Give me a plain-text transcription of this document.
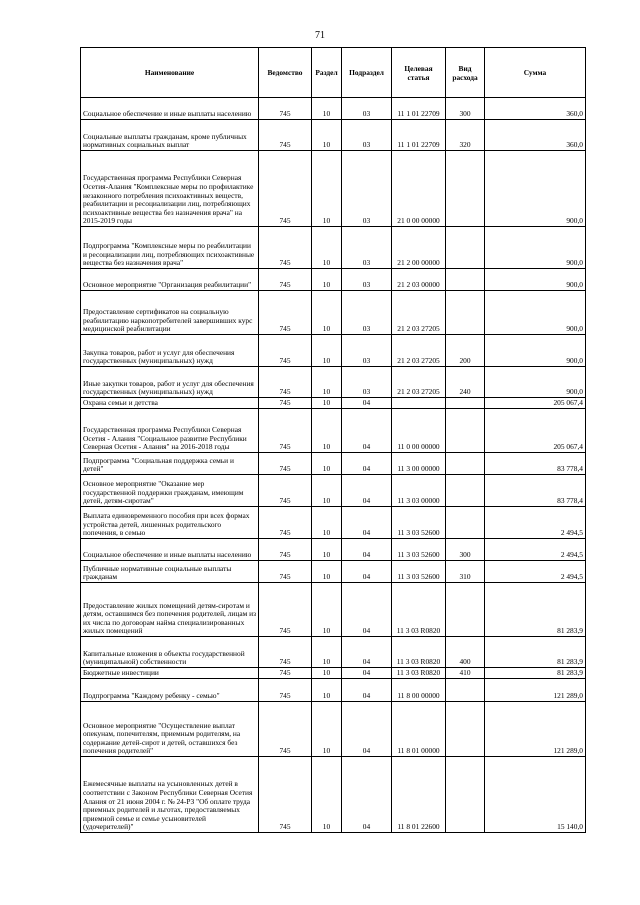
71
Наименование	Ведомство	Раздел	Подраздел	Целевая статья	Вид расхода	Сумма
Социальное обеспечение и иные выплаты населению	745	10	03	11 1 01 22709	300	360,0
Социальные выплаты гражданам, кроме публичных нормативных социальных выплат	745	10	03	11 1 01 22709	320	360,0
Государственная программа Республики Северная Осетия-Алания "Комплексные меры по профилактике незаконного потребления психоактивных веществ, реабилитации и ресоциализации лиц, потребляющих психоактивные вещества без назначения врача" на 2015-2019 годы	745	10	03	21 0 00 00000		900,0
Подпрограмма "Комплексные меры по реабилитации и ресоциализации лиц, потребляющих психоактивные вещества без назначения врача"	745	10	03	21 2 00 00000		900,0
Основное мероприятие "Организация реабилитации"	745	10	03	21 2 03 00000		900,0
Предоставление сертификатов на социальную реабилитацию наркопотребителей завершивших курс медицинской реабилитации	745	10	03	21 2 03 27205		900,0
Закупка товаров, работ и услуг для обеспечения государственных (муниципальных) нужд	745	10	03	21 2 03 27205	200	900,0
Иные закупки товаров, работ и услуг для обеспечения государственных (муниципальных) нужд	745	10	03	21 2 03 27205	240	900,0
Охрана семьи и детства	745	10	04			205 067,4
Государственная программа Республики Северная Осетия - Алания "Социальное развитие Республики Северная Осетия - Алания" на 2016-2018 годы	745	10	04	11 0 00 00000		205 067,4
Подпрограмма "Социальная поддержка семьи и детей"	745	10	04	11 3 00 00000		83 778,4
Основное мероприятие "Оказание мер государственной поддержки гражданам, имеющим детей, детям-сиротам"	745	10	04	11 3 03 00000		83 778,4
Выплата единовременного пособия при всех формах устройства детей, лишенных родительского попечения, в семью	745	10	04	11 3 03 52600		2 494,5
Социальное обеспечение и иные выплаты населению	745	10	04	11 3 03 52600	300	2 494,5
Публичные нормативные социальные выплаты гражданам	745	10	04	11 3 03 52600	310	2 494,5
Предоставление жилых помещений детям-сиротам и детям, оставшимся без попечения родителей, лицам из их числа по договорам найма специализированных жилых помещений	745	10	04	11 3 03 R0820		81 283,9
Капитальные вложения в объекты государственной (муниципальной) собственности	745	10	04	11 3 03 R0820	400	81 283,9
Бюджетные инвестиции	745	10	04	11 3 03 R0820	410	81 283,9
Подпрограмма "Каждому ребенку - семью"	745	10	04	11 8 00 00000		121 289,0
Основное мероприятие "Осуществление выплат опекунам, попечителям, приемным родителям, на содержание детей-сирот и детей, оставшихся без попечения родителей"	745	10	04	11 8 01 00000		121 289,0
Ежемесячные выплаты на усыновленных детей в соответствии с Законом Республики Северная Осетия Алания от 21 июня 2004 г. № 24-РЗ "Об оплате труда приемных родителей и льготах, предоставляемых приемной семье и семье усыновителей (удочерителей)"	745	10	04	11 8 01 22600		15 140,0
